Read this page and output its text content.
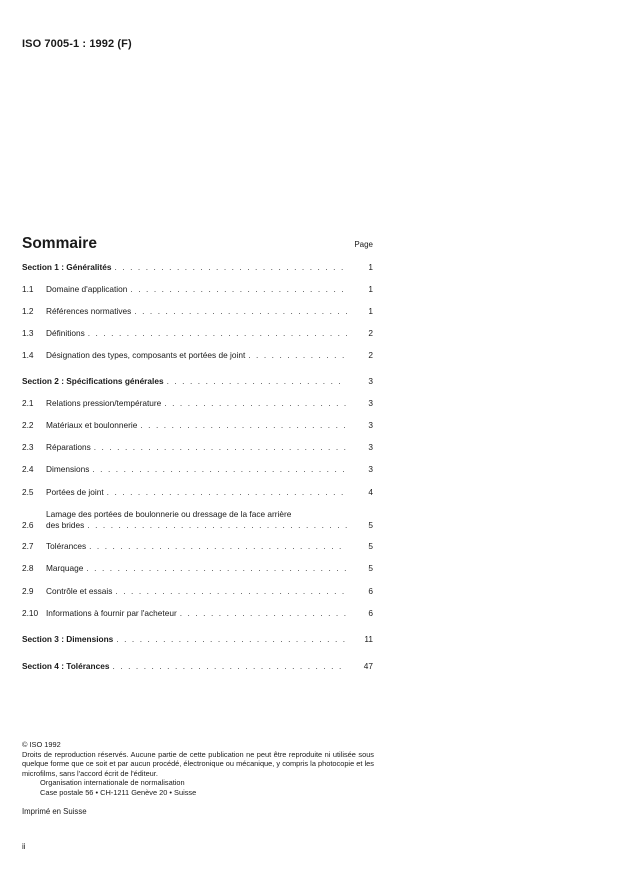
ISO 7005-1 : 1992 (F)
Sommaire	Page
Section 1 : Généralités . . .	1
1.1	Domaine d'application . . .	1
1.2	Références normatives . . .	1
1.3	Définitions . . .	2
1.4	Désignation des types, composants et portées de joint . . .	2
Section 2 : Spécifications générales . . .	3
2.1	Relations pression/température . . .	3
2.2	Matériaux et boulonnerie . . .	3
2.3	Réparations . . .	3
2.4	Dimensions . . .	3
2.5	Portées de joint . . .	4
2.6
Lamage des portées de boulonnerie ou dressage de la face arrière
des brides . . .	5
2.7	Tolérances . . .	5
2.8	Marquage . . .	5
2.9	Contrôle et essais . . .	6
2.10 Informations à fournir par l'acheteur . . .	6
Section 3 : Dimensions . . .	11
Section 4 : Tolérances . . .	47
© ISO 1992
Droits de reproduction réservés. Aucune partie de cette publication ne peut être reproduite ni utilisée sous quelque forme que ce soit et par aucun procédé, électronique ou mécanique, y compris la photocopie et les microfilms, sans l'accord écrit de l'éditeur.
Organisation internationale de normalisation
Case postale 56 • CH-1211 Genève 20 • Suisse
Imprimé en Suisse
ii
